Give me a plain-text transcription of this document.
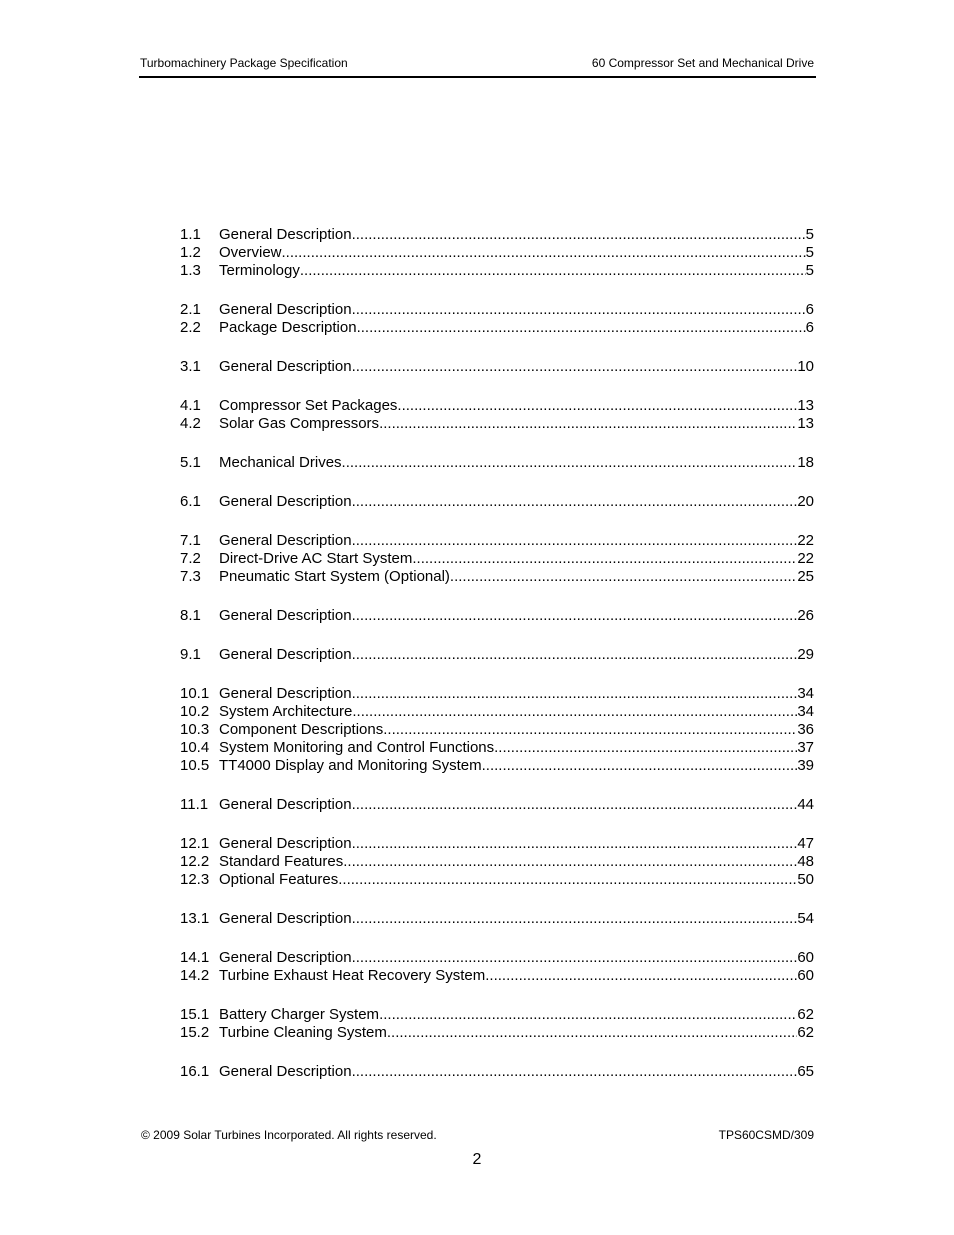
Turbomachinery Package Specification	60 Compressor Set and Mechanical Drive
1.1	General Description .....	5
1.2	Overview .....	5
1.3	Terminology .....	5
2.1	General Description .....	6
2.2	Package Description .....	6
3.1	General Description .....	10
4.1	Compressor Set Packages .....	13
4.2	Solar Gas Compressors .....	13
5.1	Mechanical Drives .....	18
6.1	General Description .....	20
7.1	General Description .....	22
7.2	Direct-Drive AC Start System .....	22
7.3	Pneumatic Start System (Optional) .....	25
8.1	General Description .....	26
9.1	General Description .....	29
10.1 General Description .....	34
10.2 System Architecture .....	34
10.3 Component Descriptions .....	36
10.4 System Monitoring and Control Functions .....	37
10.5 TT4000 Display and Monitoring System .....	39
11.1 General Description .....	44
12.1 General Description .....	47
12.2 Standard Features .....	48
12.3 Optional Features .....	50
13.1 General Description .....	54
14.1 General Description .....	60
14.2 Turbine Exhaust Heat Recovery System .....	60
15.1 Battery Charger System .....	62
15.2 Turbine Cleaning System .....	62
16.1 General Description .....	65
© 2009 Solar Turbines Incorporated. All rights reserved.	TPS60CSMD/309
2
